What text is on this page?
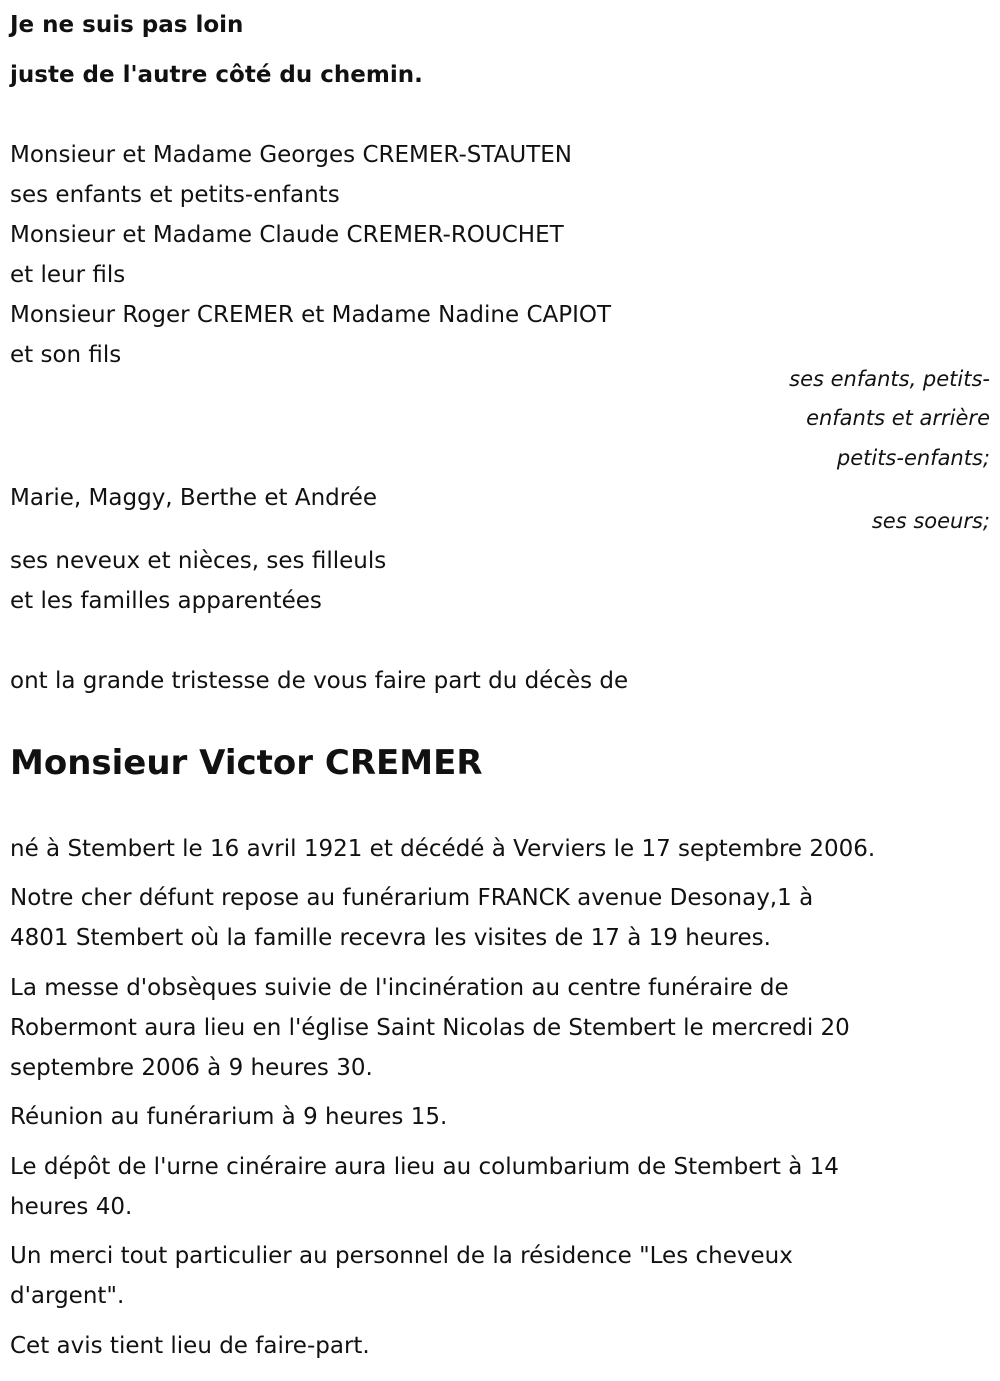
Je ne suis pas loin
juste de l'autre côté du chemin.
Monsieur et Madame Georges CREMER-STAUTEN
ses enfants et petits-enfants
Monsieur et Madame Claude CREMER-ROUCHET
et leur fils
Monsieur Roger CREMER et Madame Nadine CAPIOT
et son fils
ses enfants, petits-
enfants et arrière
petits-enfants;
Marie, Maggy, Berthe et Andrée
ses soeurs;
ses neveux et nièces, ses filleuls
et les familles apparentées
ont la grande tristesse de vous faire part du décès de
Monsieur Victor CREMER
né à Stembert le 16 avril 1921 et décédé à Verviers le 17 septembre 2006.
Notre cher défunt repose au funérarium FRANCK avenue Desonay,1 à
4801 Stembert où la famille recevra les visites de 17 à 19 heures.
La messe d'obsèques suivie de l'incinération au centre funéraire de
Robermont aura lieu en l'église Saint Nicolas de Stembert le mercredi 20
septembre 2006 à 9 heures 30.
Réunion au funérarium à 9 heures 15.
Le dépôt de l'urne cinéraire aura lieu au columbarium de Stembert à 14
heures 40.
Un merci tout particulier au personnel de la résidence "Les cheveux
d'argent".
Cet avis tient lieu de faire-part.
